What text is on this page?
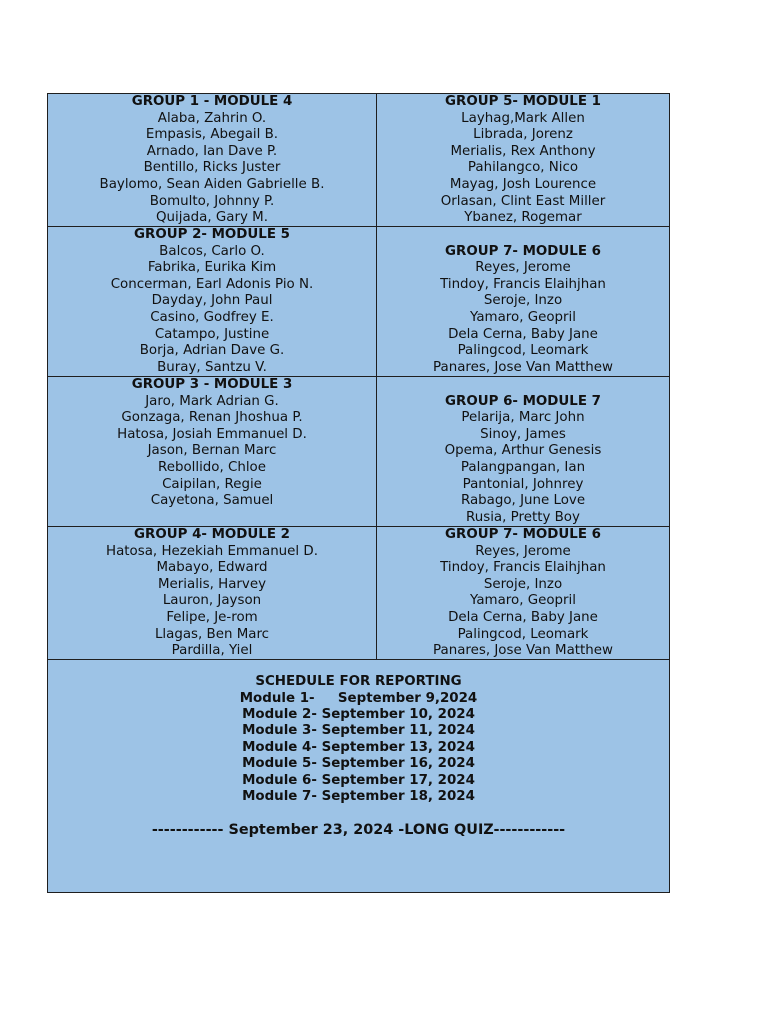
GROUP 1 - MODULE 4
Alaba, Zahrin O.
Empasis, Abegail B.
Arnado, Ian Dave P.
Bentillo, Ricks Juster
Baylomo, Sean Aiden Gabrielle B.
Bomulto, Johnny P.
Quijada, Gary M.
GROUP 5- MODULE 1
Layhag,Mark Allen
Librada, Jorenz
Merialis, Rex Anthony
Pahilangco, Nico
Mayag, Josh Lourence
Orlasan, Clint East Miller
Ybanez, Rogemar
GROUP 2- MODULE 5
Balcos, Carlo O.
Fabrika, Eurika Kim
Concerman, Earl Adonis Pio N.
Dayday, John Paul
Casino, Godfrey E.
Catampo, Justine
Borja, Adrian Dave G.
Buray, Santzu V.
GROUP 7- MODULE 6
Reyes, Jerome
Tindoy, Francis Elaihjhan
Seroje, Inzo
Yamaro, Geopril
Dela Cerna, Baby Jane
Palingcod, Leomark
Panares, Jose Van Matthew
GROUP 3 - MODULE 3
Jaro, Mark Adrian G.
Gonzaga, Renan Jhoshua P.
Hatosa, Josiah Emmanuel D.
Jason, Bernan Marc
Rebollido, Chloe
Caipilan, Regie
Cayetona, Samuel
GROUP 6- MODULE 7
Pelarija, Marc John
Sinoy, James
Opema, Arthur Genesis
Palangpangan, Ian
Pantonial, Johnrey
Rabago, June Love
Rusia, Pretty Boy
GROUP 4- MODULE 2
Hatosa, Hezekiah Emmanuel D.
Mabayo, Edward
Merialis, Harvey
Lauron, Jayson
Felipe, Je-rom
Llagas, Ben Marc
Pardilla, Yiel
GROUP 7- MODULE 6
Reyes, Jerome
Tindoy, Francis Elaihjhan
Seroje, Inzo
Yamaro, Geopril
Dela Cerna, Baby Jane
Palingcod, Leomark
Panares, Jose Van Matthew
SCHEDULE FOR REPORTING
Module 1-     September 9,2024
Module 2- September 10, 2024
Module 3- September 11, 2024
Module 4- September 13, 2024
Module 5- September 16, 2024
Module 6- September 17, 2024
Module 7- September 18, 2024
------------ September 23, 2024 -LONG QUIZ------------
